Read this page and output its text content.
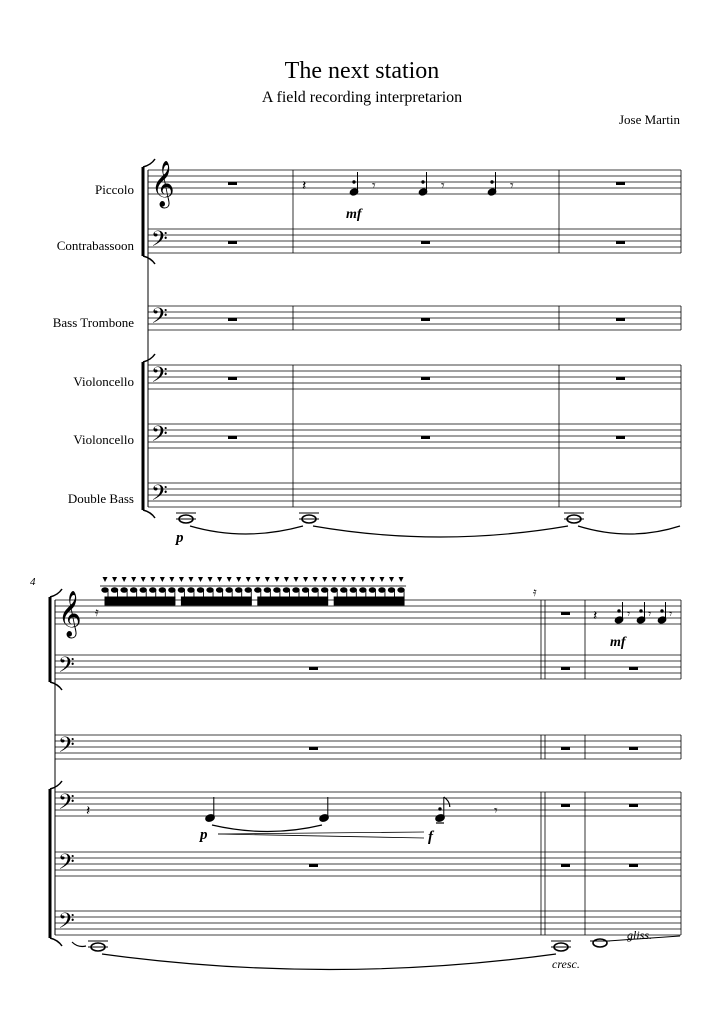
The next station
A field recording interpretarion
Jose Martin
Piccolo
Contrabassoon
Bass Trombone
Violoncello
Violoncello
Double Bass
𝄞
𝄢
𝄢
𝄢
𝄢
𝄢
𝄽	𝄾	𝄾	𝄾
mf
p
4
𝄞
𝄢
𝄢
𝄢
𝄢
𝄢
𝄿
𝄿
𝄽 𝄾 𝄾 𝄾
mf
𝄽	𝄾
p	f
cresc.
gliss.
